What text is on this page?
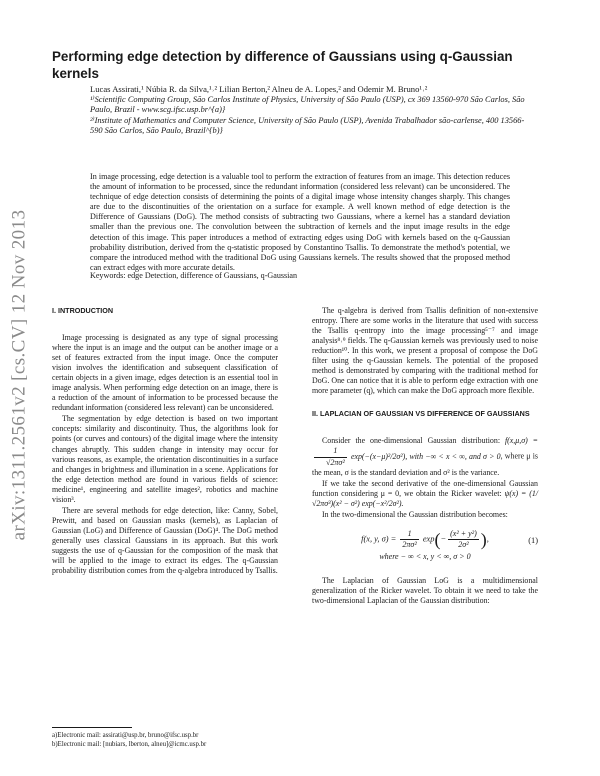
arXiv:1311.2561v2 [cs.CV] 12 Nov 2013
Performing edge detection by difference of Gaussians using q-Gaussian kernels
Lucas Assirati,¹ Núbia R. da Silva,¹˒² Lilian Berton,² Alneu de A. Lopes,² and Odemir M. Bruno¹˒²
¹⁾Scientific Computing Group, São Carlos Institute of Physics, University of São Paulo (USP), cx 369 13560-970 São Carlos, São Paulo, Brazil - www.scg.ifsc.usp.br^{a)}
²⁾Institute of Mathematics and Computer Science, University of São Paulo (USP), Avenida Trabalhador são-carlense, 400 13566-590 São Carlos, São Paulo, Brazil^{b)}
In image processing, edge detection is a valuable tool to perform the extraction of features from an image. This detection reduces the amount of information to be processed, since the redundant information (considered less relevant) can be unconsidered. The technique of edge detection consists of determining the points of a digital image whose intensity changes sharply. This changes are due to the discontinuities of the orientation on a surface for example. A well known method of edge detection is the Difference of Gaussians (DoG). The method consists of subtracting two Gaussians, where a kernel has a standard deviation smaller than the previous one. The convolution between the subtraction of kernels and the input image results in the edge detection of this image. This paper introduces a method of extracting edges using DoG with kernels based on the q-Gaussian probability distribution, derived from the q-statistic proposed by Constantino Tsallis. To demonstrate the method's potential, we compare the introduced method with the traditional DoG using Gaussians kernels. The results showed that the proposed method can extract edges with more accurate details.
Keywords: edge Detection, difference of Gaussians, q-Gaussian
I. INTRODUCTION

Image processing is designated as any type of signal processing where the input is an image and the output can be another image or a set of features extracted from the input image. Once the computer vision involves the identification and subsequent classification of certain objects in a given image, edges detection is an essential tool in image analysis. When performing edge detection on an image, there is a reduction of the amount of information to be processed because the redundant information (considered less relevant) can be unconsidered.

The segmentation by edge detection is based on two important concepts: similarity and discontinuity. Thus, the algorithms look for points (or curves and contours) of the digital image where the intensity changes abruptly. This sudden change in intensity may occur for various reasons, as example, the orientation discontinuities in a surface and changes in brightness and illumination in a scene. Applications for the edge detection method are found in various fields of science: medicine¹, engineering and satellite images², robotics and machine vision³.

There are several methods for edge detection, like: Canny, Sobel, Prewitt, and based on Gaussian masks (kernels), as Laplacian of Gaussian (LoG) and Difference of Gaussian (DoG)⁴. The DoG method generally uses classical Gaussians in its approach. But this work suggests the use of q-Gaussian for the composition of the mask that will be applied to the image to extract its edges. The q-Gaussian probability distribution comes from the q-algebra introduced by Tsallis.

The q-algebra is derived from Tsallis definition of non-extensive entropy. There are some works in the literature that used with success the Tsallis q-entropy into the image processing⁵⁻⁷ and image analysis⁸˒⁹ fields. The q-Gaussian kernels was previously used to noise reduction¹⁰. In this work, we present a proposal of compose the DoG filter using the q-Gaussian kernels. The potential of the proposed method is demonstrated by comparing with the traditional method for DoG. One can notice that it is able to perform edge extraction with one more parameter (q), which can make the DoG approach more flexible.

II. LAPLACIAN OF GAUSSIAN VS DIFFERENCE OF GAUSSIANS

Consider the one-dimensional Gaussian distribution: f(x,μ,σ) =
$\frac{1}{\text{√2πσ²}} \exp(-(x-\mu)^2/2\sigma^2)$, with −∞ < x < ∞, and σ > 0, where μ is the mean, σ is the standard deviation and σ² is the variance.

If we take the second derivative of the one-dimensional Gaussian function considering μ = 0, we obtain the Ricker wavelet: ψ(x) = (1/√2πσ³)(x² − σ²) exp(−x²/2σ²).

In the two-dimensional the Gaussian distribution becomes:

f(x, y, $\sigma) = \frac{1}{\text{2πσ²}} \exp(- \frac{\text{(x² + y²)}}{\text{2σ²}}$ ),	(1)
where − ∞ < x, y < ∞, σ > 0

The Laplacian of Gaussian LoG is a multidimensional generalization of the Ricker wavelet. To obtain it we need to take the two-dimensional Laplacian of the Gaussian distribution:

a)Electronic mail: assirati@usp.br, bruno@ifsc.usp.br
b)Electronic mail: [nubiars, lberton, alneu]@icmc.usp.br
